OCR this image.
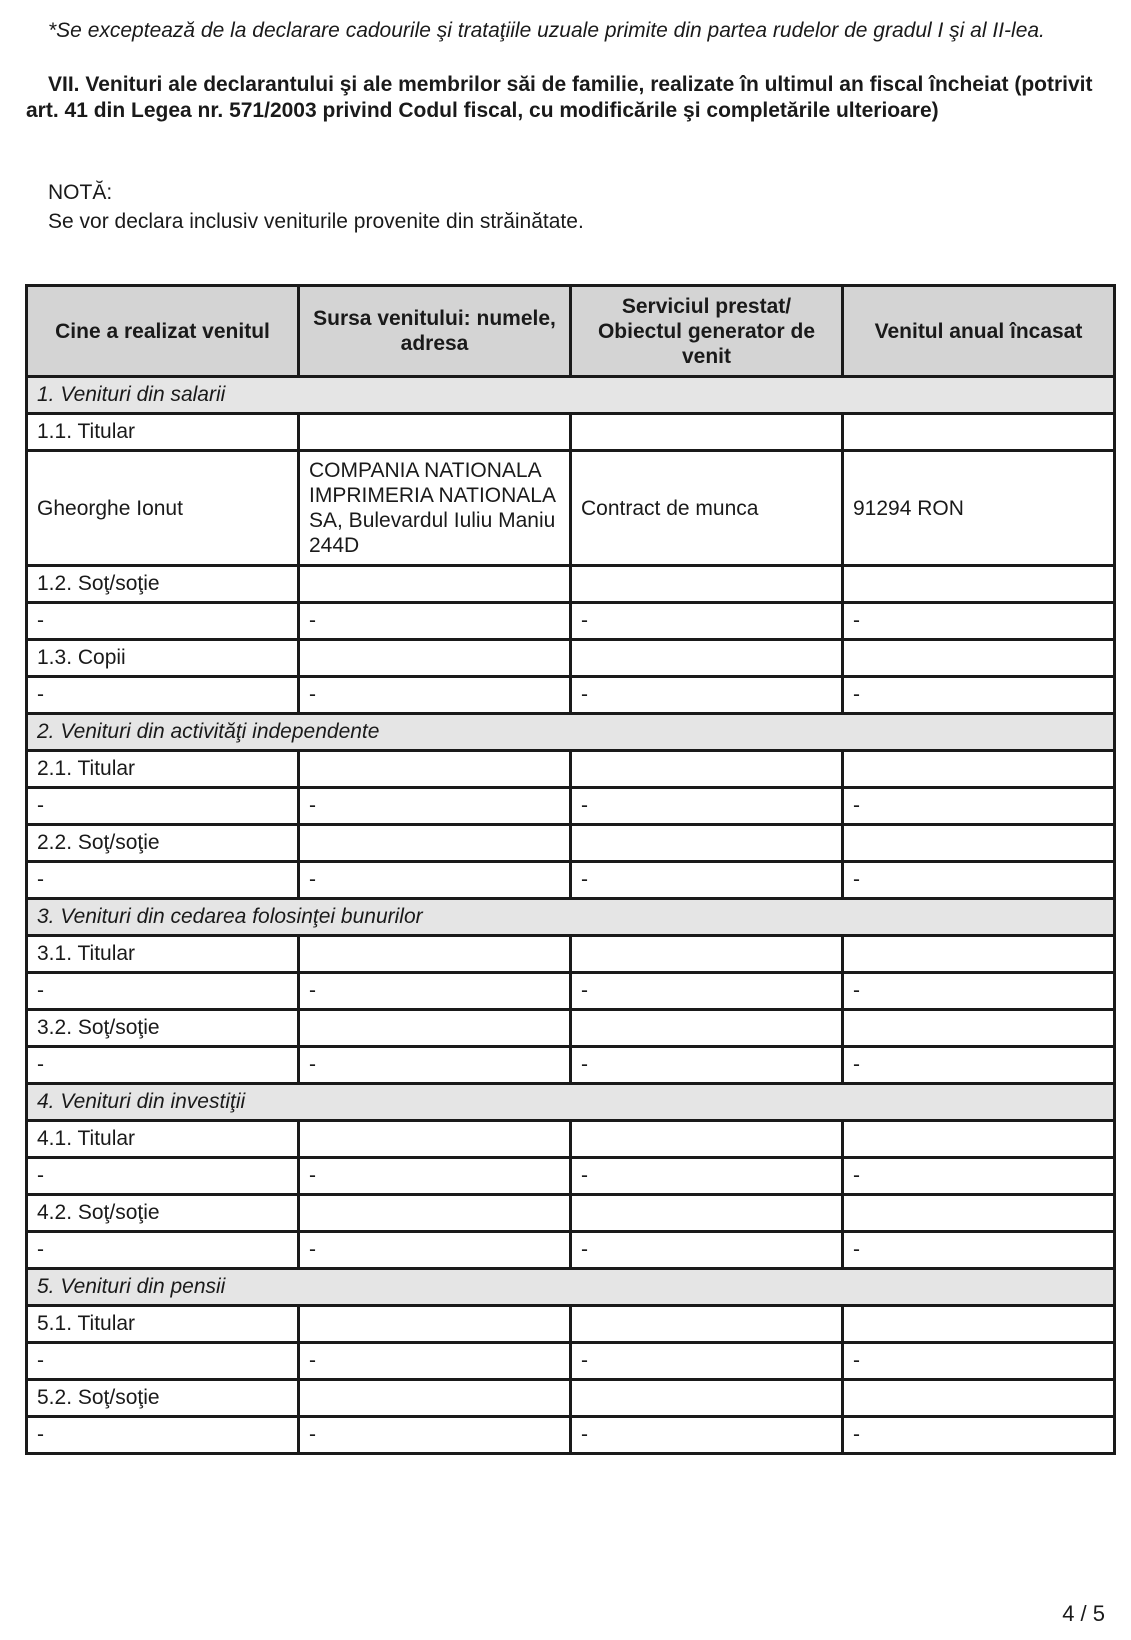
*Se exceptează de la declarare cadourile şi trataţiile uzuale primite din partea rudelor de gradul I şi al II-lea.
VII. Venituri ale declarantului şi ale membrilor săi de familie, realizate în ultimul an fiscal încheiat (potrivit art. 41 din Legea nr. 571/2003 privind Codul fiscal, cu modificările şi completările ulterioare)
NOTĂ:
Se vor declara inclusiv veniturile provenite din străinătate.
Cine a realizat venitul	Sursa venitului: numele, adresa	Serviciul prestat/ Obiectul generator de venit	Venitul anual încasat
1. Venituri din salarii			
1.1. Titular			
Gheorghe Ionut	COMPANIA NATIONALA IMPRIMERIA NATIONALA SA, Bulevardul Iuliu Maniu 244D	Contract de munca	91294 RON
1.2. Soţ/soţie			
-	-	-	-
1.3. Copii			
-	-	-	-
2. Venituri din activităţi independente			
2.1. Titular			
-	-	-	-
2.2. Soţ/soţie			
-	-	-	-
3. Venituri din cedarea folosinţei bunurilor			
3.1. Titular			
-	-	-	-
3.2. Soţ/soţie			
-	-	-	-
4. Venituri din investiţii			
4.1. Titular			
-	-	-	-
4.2. Soţ/soţie			
-	-	-	-
5. Venituri din pensii			
5.1. Titular			
-	-	-	-
5.2. Soţ/soţie			
-	-	-	-
4 / 5
